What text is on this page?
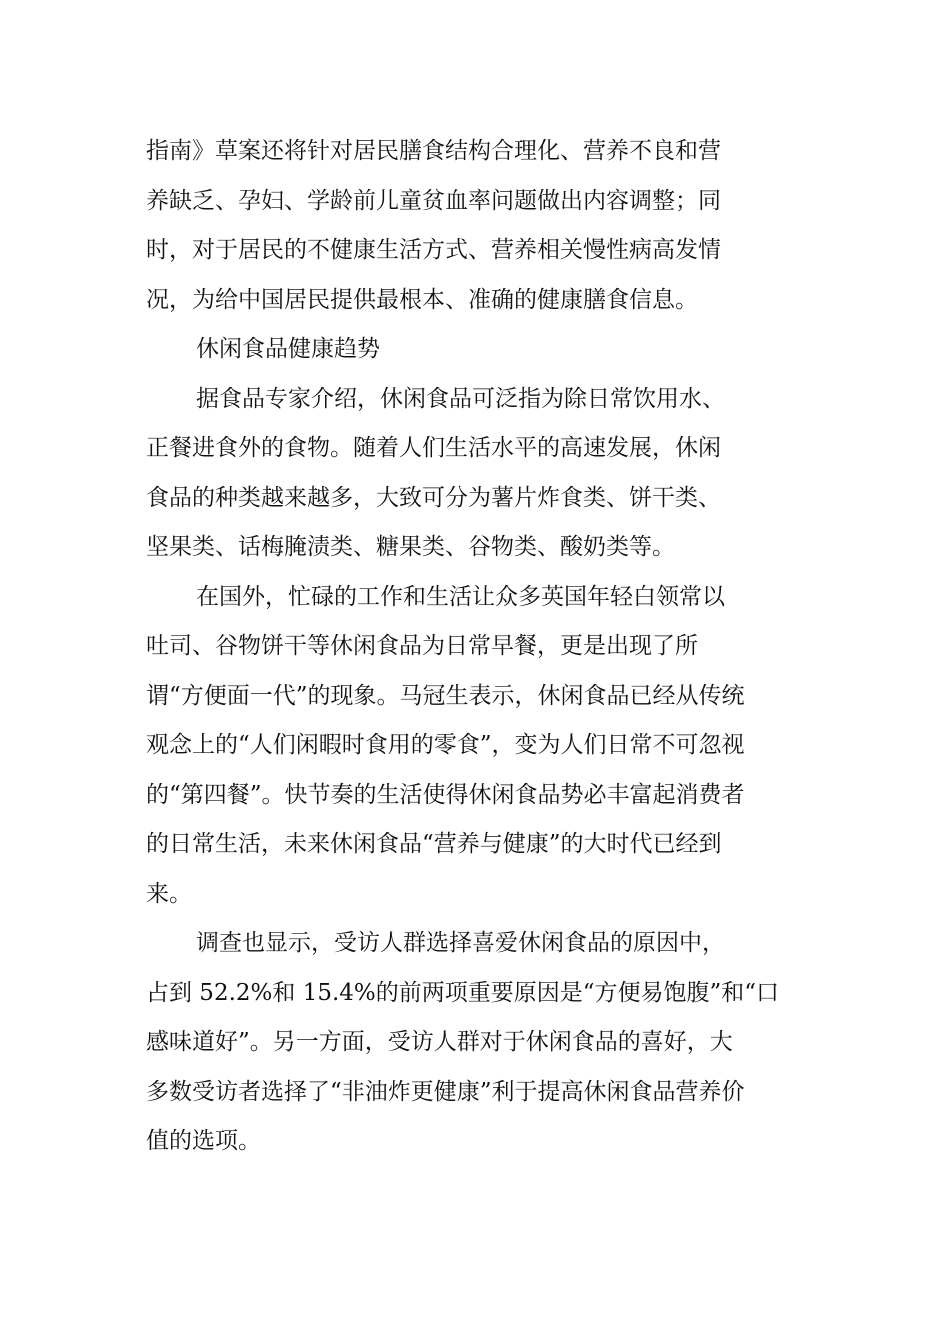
指南》草案还将针对居民膳食结构合理化、营养不良和营
养缺乏、孕妇、学龄前儿童贫血率问题做出内容调整；同
时，对于居民的不健康生活方式、营养相关慢性病高发情
况，为给中国居民提供最根本、准确的健康膳食信息。
休闲食品健康趋势
据食品专家介绍，休闲食品可泛指为除日常饮用水、
正餐进食外的食物。随着人们生活水平的高速发展，休闲
食品的种类越来越多，大致可分为薯片炸食类、饼干类、
坚果类、话梅腌渍类、糖果类、谷物类、酸奶类等。
在国外，忙碌的工作和生活让众多英国年轻白领常以
吐司、谷物饼干等休闲食品为日常早餐，更是出现了所
谓“方便面一代”的现象。马冠生表示，休闲食品已经从传统
观念上的“人们闲暇时食用的零食”，变为人们日常不可忽视
的“第四餐”。快节奏的生活使得休闲食品势必丰富起消费者
的日常生活，未来休闲食品“营养与健康”的大时代已经到
来。
调查也显示，受访人群选择喜爱休闲食品的原因中，
占到 52.2%和 15.4%的前两项重要原因是“方便易饱腹”和“口
感味道好”。另一方面，受访人群对于休闲食品的喜好，大
多数受访者选择了“非油炸更健康”利于提高休闲食品营养价
值的选项。
